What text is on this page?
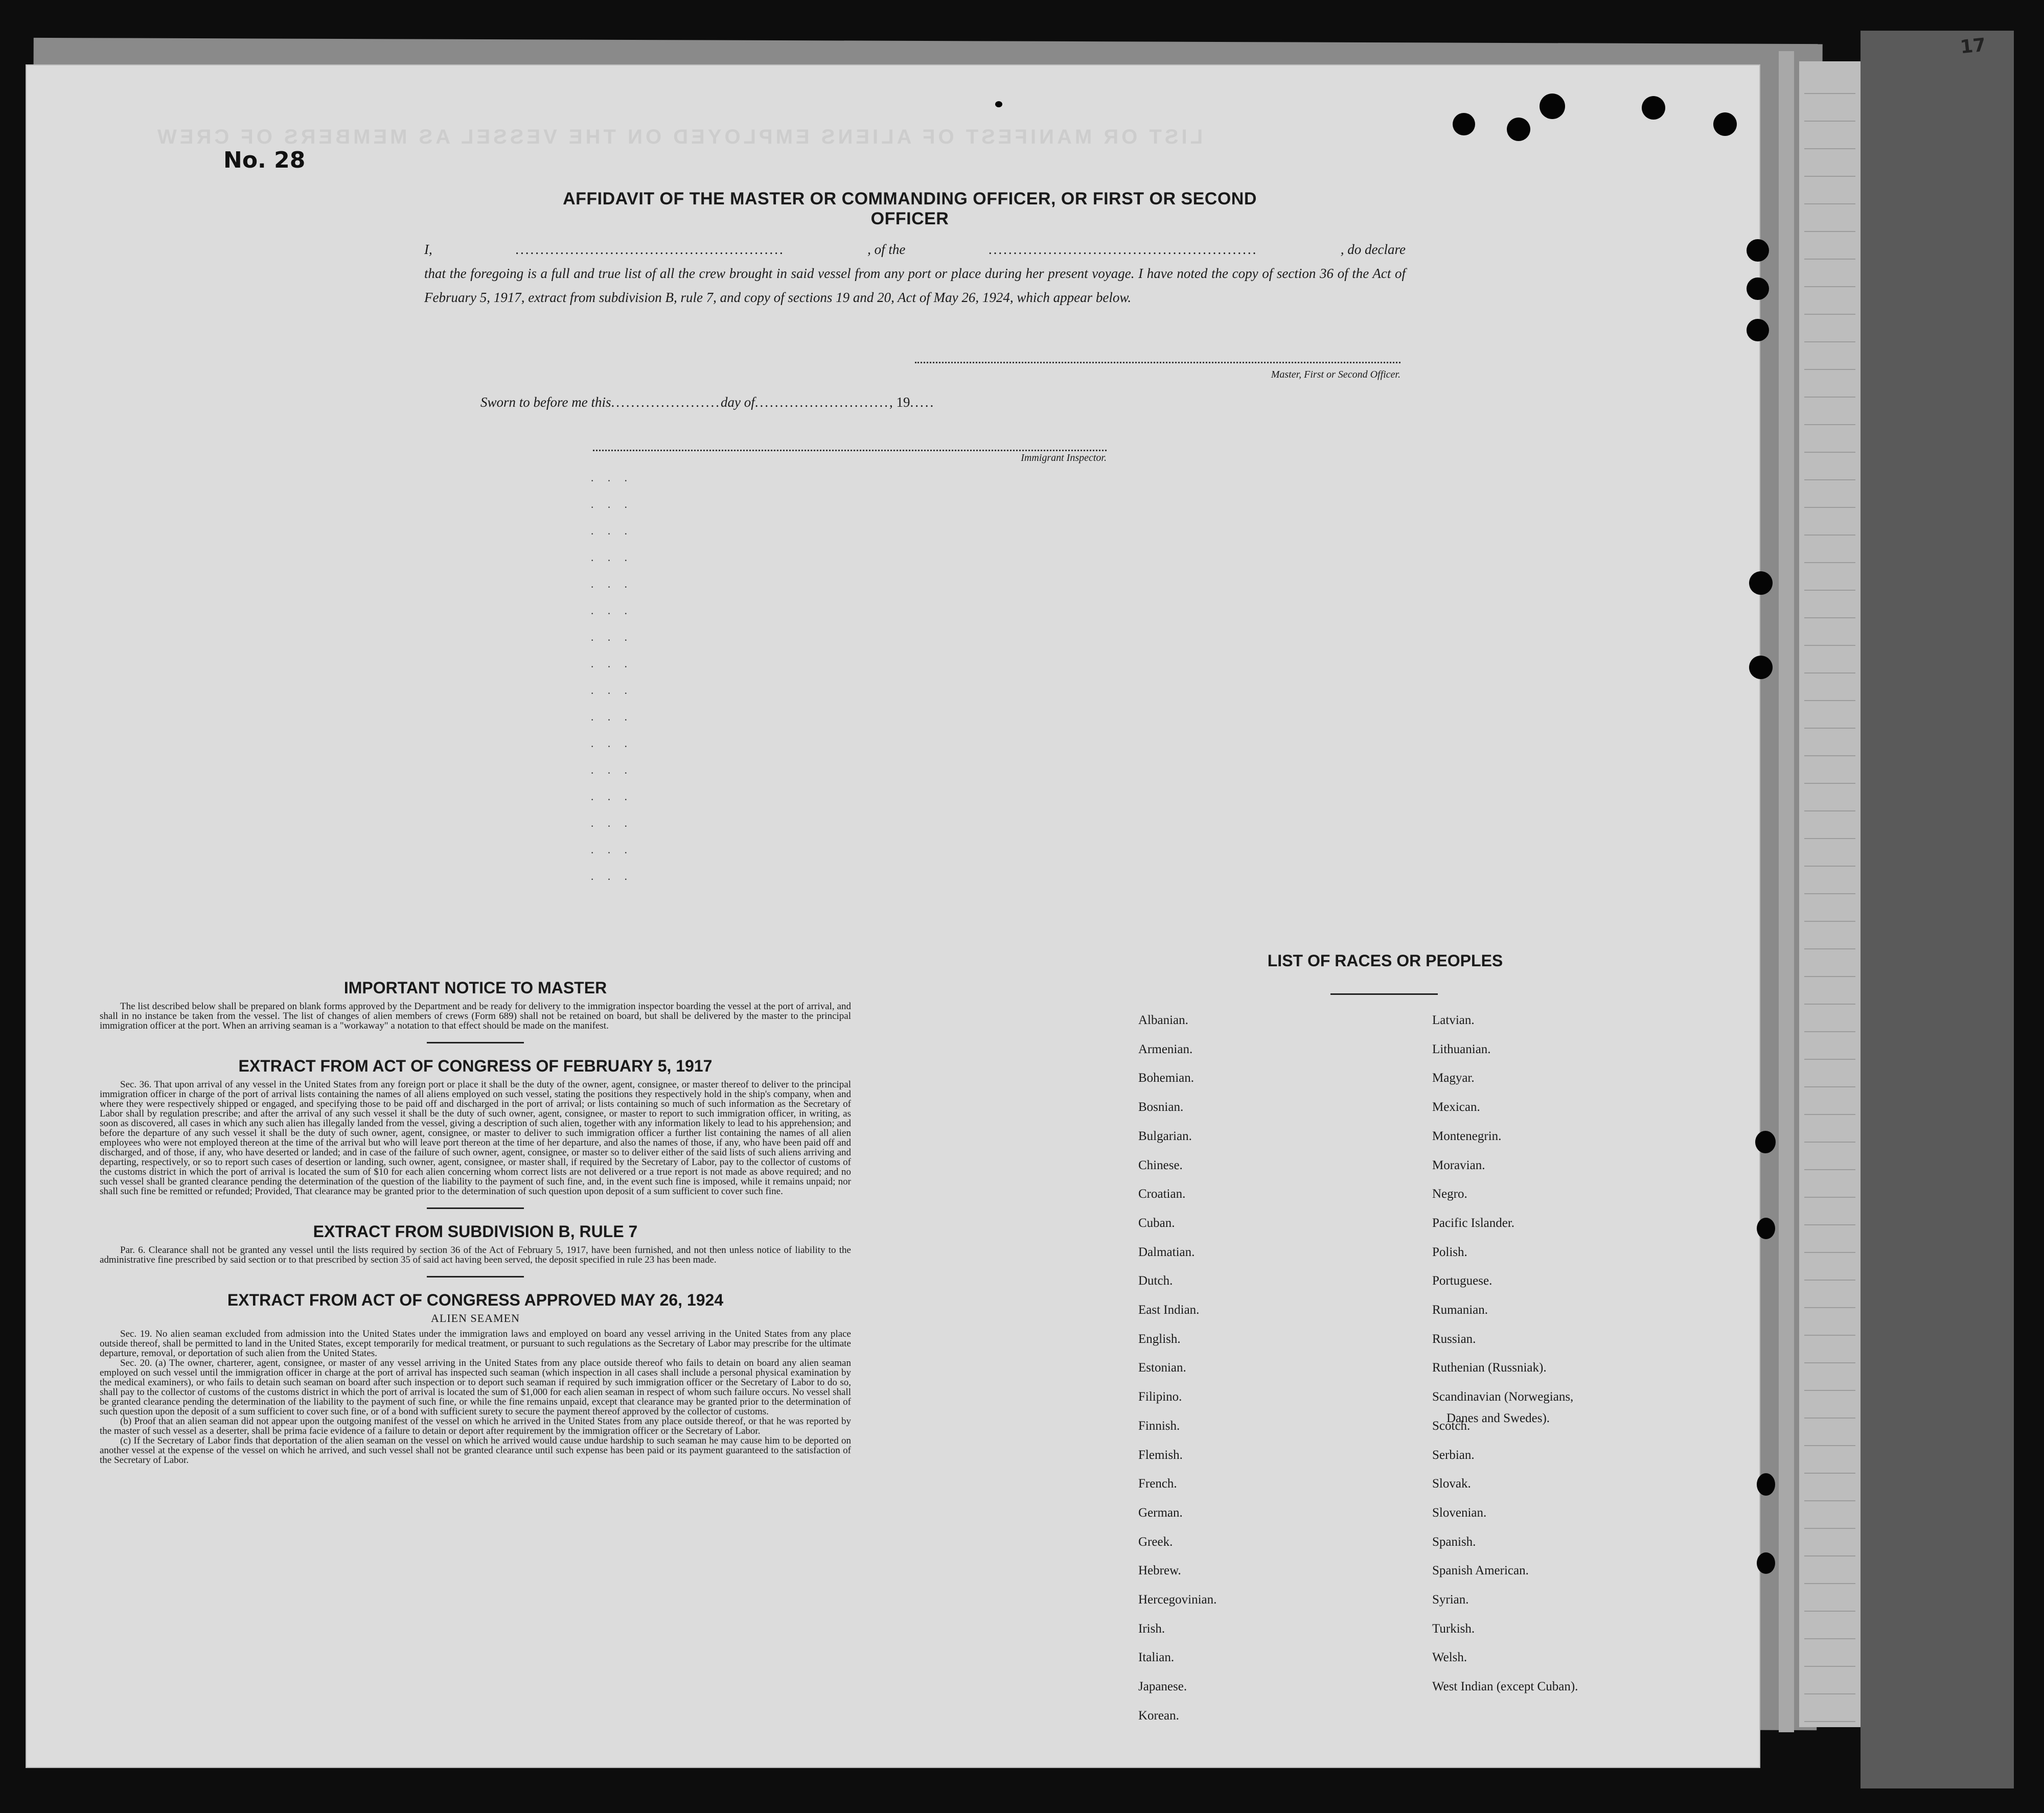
17
LIST OR MANIFEST OF ALIENS EMPLOYED ON THE VESSEL AS MEMBERS OF CREW
No. 28
AFFIDAVIT OF THE MASTER OR COMMANDING OFFICER, OR FIRST OR SECOND OFFICER
I,	......................................................	, of the	......................................................	, do declare
that the foregoing is a full and true list of all the crew brought in said vessel from any port or place during her present voyage. I have noted the copy of section 36 of the Act of February 5, 1917, extract from subdivision B, rule 7, and copy of sections 19 and 20, Act of May 26, 1924, which appear below.
Master, First or Second Officer.
Sworn to before me this......................day of..........................., 19.....
Immigrant Inspector.
· · ·

· · ·

· · ·

· · ·

· · ·

· · ·

· · ·

· · ·

· · ·

· · ·

· · ·

· · ·

· · ·

· · ·

· · ·

· · ·
IMPORTANT NOTICE TO MASTER

The list described below shall be prepared on blank forms approved by the Department and be ready for delivery to the immigration inspector boarding the vessel at the port of arrival, and shall in no instance be taken from the vessel. The list of changes of alien members of crews (Form 689) shall not be retained on board, but shall be delivered by the master to the principal immigration officer at the port. When an arriving seaman is a "workaway" a notation to that effect should be made on the manifest.

EXTRACT FROM ACT OF CONGRESS OF FEBRUARY 5, 1917

Sec. 36. That upon arrival of any vessel in the United States from any foreign port or place it shall be the duty of the owner, agent, consignee, or master thereof to deliver to the principal immigration officer in charge of the port of arrival lists containing the names of all aliens employed on such vessel, stating the positions they respectively hold in the ship's company, when and where they were respectively shipped or engaged, and specifying those to be paid off and discharged in the port of arrival; or lists containing so much of such information as the Secretary of Labor shall by regulation prescribe; and after the arrival of any such vessel it shall be the duty of such owner, agent, consignee, or master to report to such immigration officer, in writing, as soon as discovered, all cases in which any such alien has illegally landed from the vessel, giving a description of such alien, together with any information likely to lead to his apprehension; and before the departure of any such vessel it shall be the duty of such owner, agent, consignee, or master to deliver to such immigration officer a further list containing the names of all alien employees who were not employed thereon at the time of the arrival but who will leave port thereon at the time of her departure, and also the names of those, if any, who have been paid off and discharged, and of those, if any, who have deserted or landed; and in case of the failure of such owner, agent, consignee, or master so to deliver either of the said lists of such aliens arriving and departing, respectively, or so to report such cases of desertion or landing, such owner, agent, consignee, or master shall, if required by the Secretary of Labor, pay to the collector of customs of the customs district in which the port of arrival is located the sum of $10 for each alien concerning whom correct lists are not delivered or a true report is not made as above required; and no such vessel shall be granted clearance pending the determination of the question of the liability to the payment of such fine, and, in the event such fine is imposed, while it remains unpaid; nor shall such fine be remitted or refunded; Provided, That clearance may be granted prior to the determination of such question upon deposit of a sum sufficient to cover such fine.

EXTRACT FROM SUBDIVISION B, RULE 7

Par. 6. Clearance shall not be granted any vessel until the lists required by section 36 of the Act of February 5, 1917, have been furnished, and not then unless notice of liability to the administrative fine prescribed by said section or to that prescribed by section 35 of said act having been served, the deposit specified in rule 23 has been made.

EXTRACT FROM ACT OF CONGRESS APPROVED MAY 26, 1924
ALIEN SEAMEN

Sec. 19. No alien seaman excluded from admission into the United States under the immigration laws and employed on board any vessel arriving in the United States from any place outside thereof, shall be permitted to land in the United States, except temporarily for medical treatment, or pursuant to such regulations as the Secretary of Labor may prescribe for the ultimate departure, removal, or deportation of such alien from the United States.

Sec. 20. (a) The owner, charterer, agent, consignee, or master of any vessel arriving in the United States from any place outside thereof who fails to detain on board any alien seaman employed on such vessel until the immigration officer in charge at the port of arrival has inspected such seaman (which inspection in all cases shall include a personal physical examination by the medical examiners), or who fails to detain such seaman on board after such inspection or to deport such seaman if required by such immigration officer or the Secretary of Labor to do so, shall pay to the collector of customs of the customs district in which the port of arrival is located the sum of $1,000 for each alien seaman in respect of whom such failure occurs. No vessel shall be granted clearance pending the determination of the liability to the payment of such fine, or while the fine remains unpaid, except that clearance may be granted prior to the determination of such question upon the deposit of a sum sufficient to cover such fine, or of a bond with sufficient surety to secure the payment thereof approved by the collector of customs.

(b) Proof that an alien seaman did not appear upon the outgoing manifest of the vessel on which he arrived in the United States from any place outside thereof, or that he was reported by the master of such vessel as a deserter, shall be prima facie evidence of a failure to detain or deport after requirement by the immigration officer or the Secretary of Labor.

(c) If the Secretary of Labor finds that deportation of the alien seaman on the vessel on which he arrived would cause undue hardship to such seaman he may cause him to be deported on another vessel at the expense of the vessel on which he arrived, and such vessel shall not be granted clearance until such expense has been paid or its payment guaranteed to the satisfaction of the Secretary of Labor.

LIST OF RACES OR PEOPLES
Albanian.
Armenian.
Bohemian.
Bosnian.
Bulgarian.
Chinese.
Croatian.
Cuban.
Dalmatian.
Dutch.
East Indian.
English.
Estonian.
Filipino.
Finnish.
Flemish.
French.
German.
Greek.
Hebrew.
Hercegovinian.
Irish.
Italian.
Japanese.
Korean.
Latvian.
Lithuanian.
Magyar.
Mexican.
Montenegrin.
Moravian.
Negro.
Pacific Islander.
Polish.
Portuguese.
Rumanian.
Russian.
Ruthenian (Russniak).
Scandinavian (Norwegians,
Danes and Swedes).
Scotch.
Serbian.
Slovak.
Slovenian.
Spanish.
Spanish American.
Syrian.
Turkish.
Welsh.
West Indian (except Cuban).
